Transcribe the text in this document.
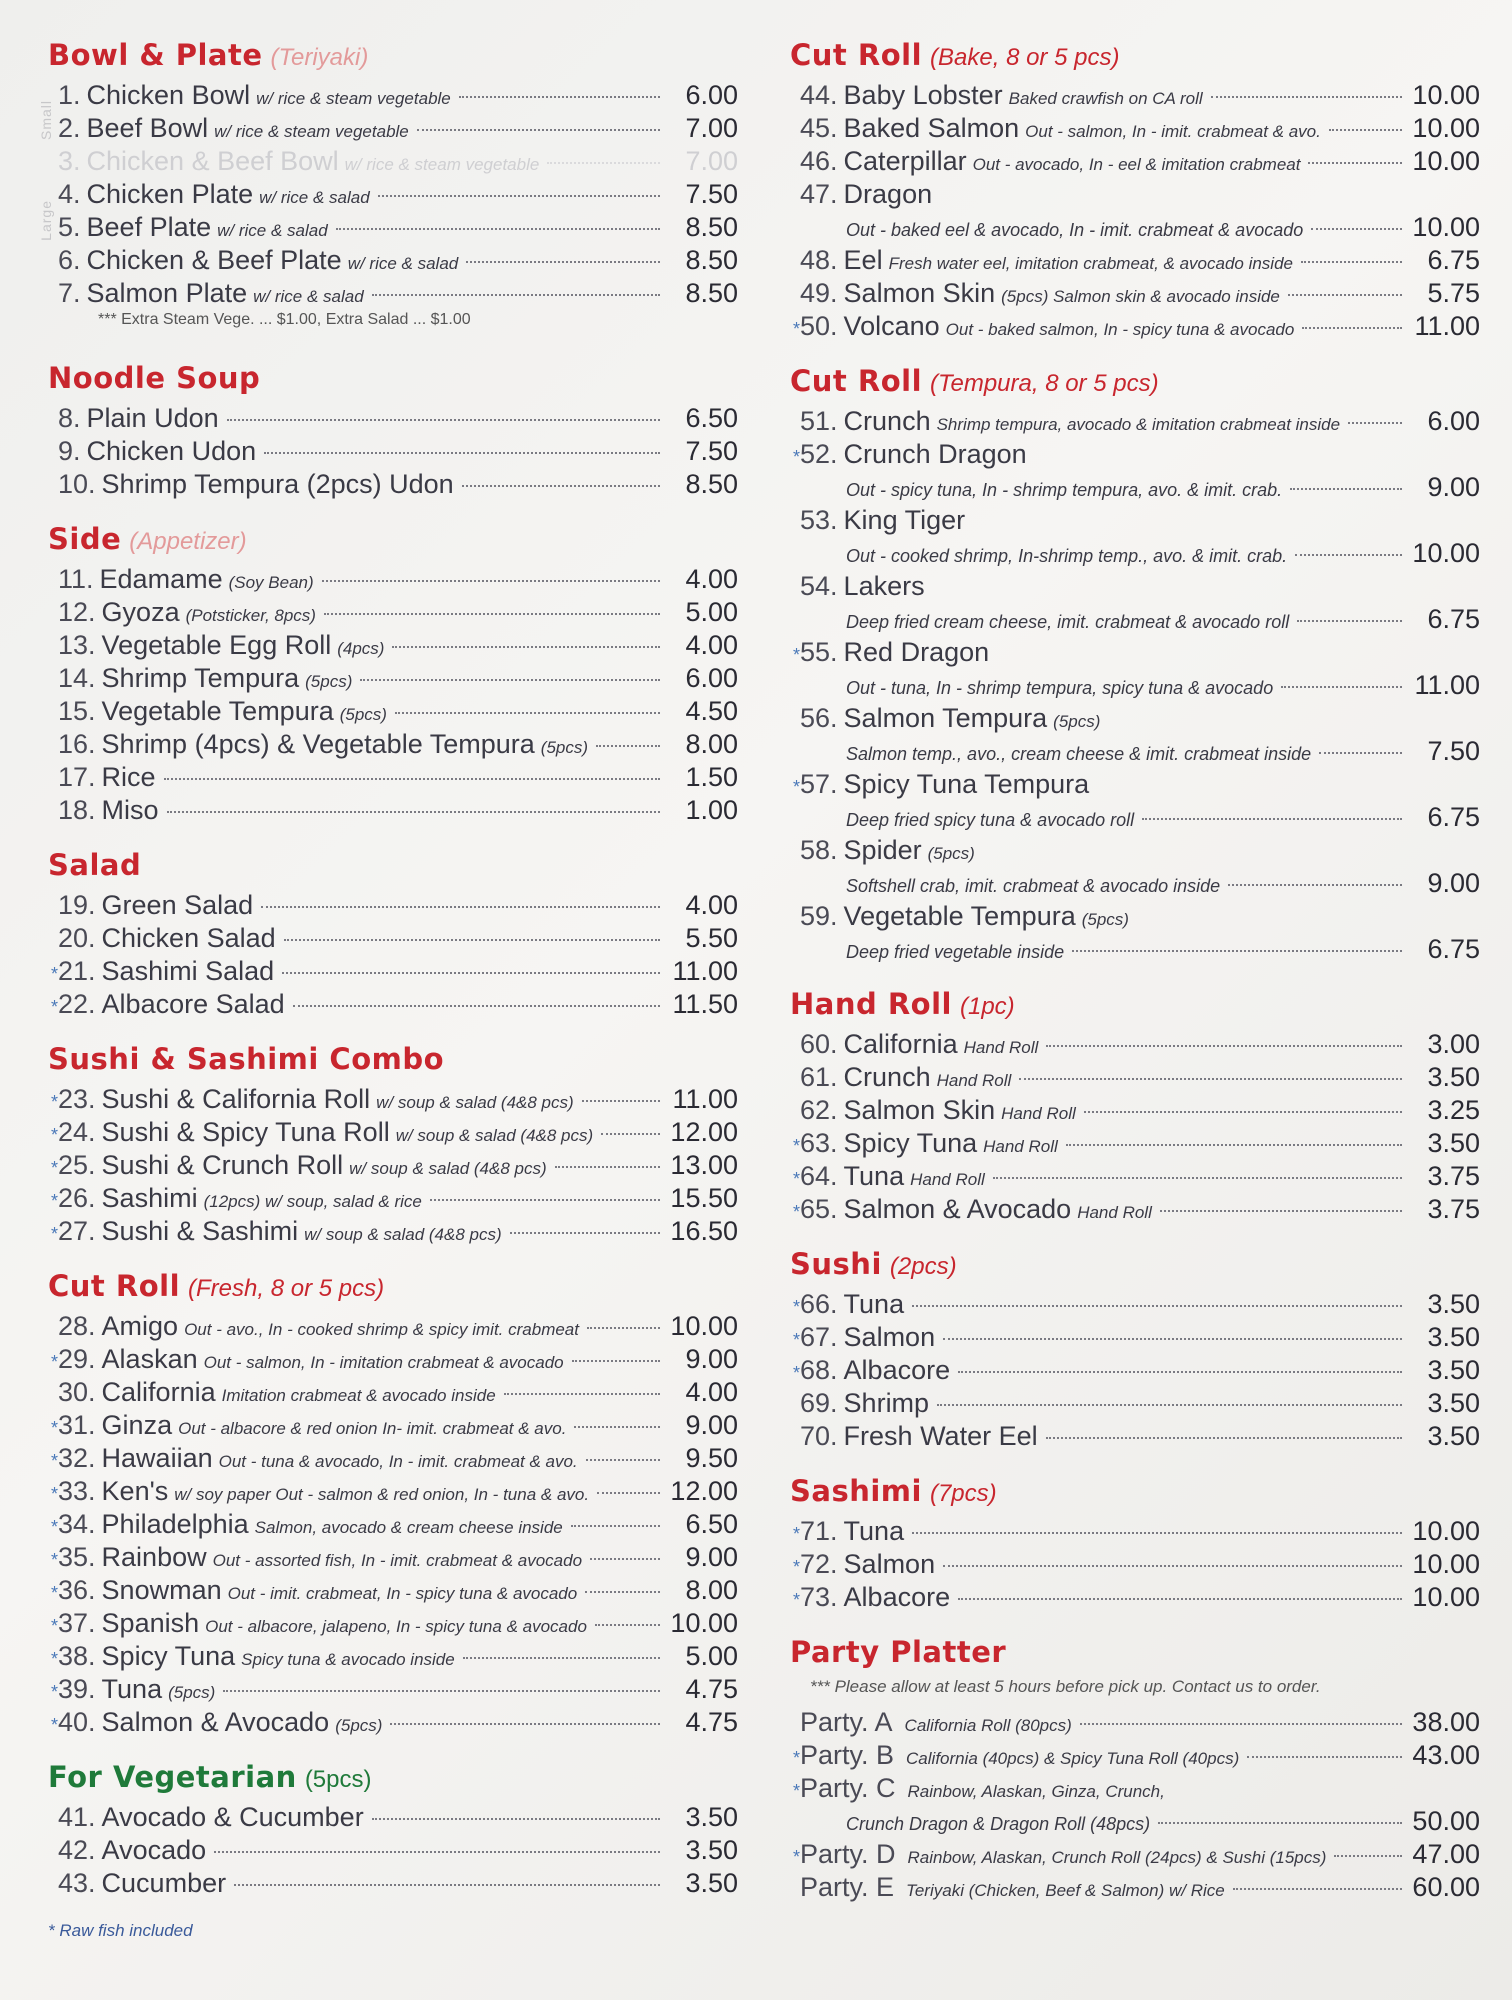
Bowl & Plate (Teriyaki)
1. Chicken Bowl w/ rice & steam vegetable	6.00
2. Beef Bowl w/ rice & steam vegetable	7.00
3. Chicken & Beef Bowl w/ rice & steam vegetable	7.00
4. Chicken Plate w/ rice & salad	7.50
5. Beef Plate w/ rice & salad	8.50
6. Chicken & Beef Plate w/ rice & salad	8.50
7. Salmon Plate w/ rice & salad	8.50
*** Extra Steam Vege. ... $1.00, Extra Salad ... $1.00
Noodle Soup
8. Plain Udon	6.50
9. Chicken Udon	7.50
10. Shrimp Tempura (2pcs) Udon	8.50
Side (Appetizer)
11. Edamame (Soy Bean)	4.00
12. Gyoza (Potsticker, 8pcs)	5.00
13. Vegetable Egg Roll (4pcs)	4.00
14. Shrimp Tempura (5pcs)	6.00
15. Vegetable Tempura (5pcs)	4.50
16. Shrimp (4pcs) & Vegetable Tempura (5pcs)	8.00
17. Rice	1.50
18. Miso	1.00
Salad
19. Green Salad	4.00
20. Chicken Salad	5.50
* 21. Sashimi Salad	11.00
* 22. Albacore Salad	11.50
Sushi & Sashimi Combo
* 23. Sushi & California Roll w/ soup & salad (4&8 pcs)	11.00
* 24. Sushi & Spicy Tuna Roll w/ soup & salad (4&8 pcs)	12.00
* 25. Sushi & Crunch Roll w/ soup & salad (4&8 pcs)	13.00
* 26. Sashimi (12pcs) w/ soup, salad & rice	15.50
* 27. Sushi & Sashimi w/ soup & salad (4&8 pcs)	16.50
Cut Roll (Fresh, 8 or 5 pcs)
28. Amigo Out - avo., In - cooked shrimp & spicy imit. crabmeat	10.00
* 29. Alaskan Out - salmon, In - imitation crabmeat & avocado	9.00
30. California Imitation crabmeat & avocado inside	4.00
* 31. Ginza Out - albacore & red onion In- imit. crabmeat & avo.	9.00
* 32. Hawaiian Out - tuna & avocado, In - imit. crabmeat & avo.	9.50
* 33. Ken's w/ soy paper Out - salmon & red onion, In - tuna & avo.	12.00
* 34. Philadelphia Salmon, avocado & cream cheese inside	6.50
* 35. Rainbow Out - assorted fish, In - imit. crabmeat & avocado	9.00
* 36. Snowman Out - imit. crabmeat, In - spicy tuna & avocado	8.00
* 37. Spanish Out - albacore, jalapeno, In - spicy tuna & avocado	10.00
* 38. Spicy Tuna Spicy tuna & avocado inside	5.00
* 39. Tuna (5pcs)	4.75
* 40. Salmon & Avocado (5pcs)	4.75
For Vegetarian (5pcs)
41. Avocado & Cucumber	3.50
42. Avocado	3.50
43. Cucumber	3.50
* Raw fish included
Cut Roll (Bake, 8 or 5 pcs)
44. Baby Lobster Baked crawfish on CA roll	10.00
45. Baked Salmon Out - salmon, In - imit. crabmeat & avo.	10.00
46. Caterpillar Out - avocado, In - eel & imitation crabmeat	10.00
47. Dragon
Out - baked eel & avocado, In - imit. crabmeat & avocado	10.00
48. Eel Fresh water eel, imitation crabmeat, & avocado inside	6.75
49. Salmon Skin (5pcs) Salmon skin & avocado inside	5.75
* 50. Volcano Out - baked salmon, In - spicy tuna & avocado	11.00
Cut Roll (Tempura, 8 or 5 pcs)
51. Crunch Shrimp tempura, avocado & imitation crabmeat inside	6.00
* 52. Crunch Dragon
Out - spicy tuna, In - shrimp tempura, avo. & imit. crab.	9.00
53. King Tiger
Out - cooked shrimp, In-shrimp temp., avo. & imit. crab.	10.00
54. Lakers
Deep fried cream cheese, imit. crabmeat & avocado roll	6.75
* 55. Red Dragon
Out - tuna, In - shrimp tempura, spicy tuna & avocado	11.00
56. Salmon Tempura (5pcs)
Salmon temp., avo., cream cheese & imit. crabmeat inside	7.50
* 57. Spicy Tuna Tempura
Deep fried spicy tuna & avocado roll	6.75
58. Spider (5pcs)
Softshell crab, imit. crabmeat & avocado inside	9.00
59. Vegetable Tempura (5pcs)
Deep fried vegetable inside	6.75
Hand Roll (1pc)
60. California Hand Roll	3.00
61. Crunch Hand Roll	3.50
62. Salmon Skin Hand Roll	3.25
* 63. Spicy Tuna Hand Roll	3.50
* 64. Tuna Hand Roll	3.75
* 65. Salmon & Avocado Hand Roll	3.75
Sushi (2pcs)
* 66. Tuna	3.50
* 67. Salmon	3.50
* 68. Albacore	3.50
69. Shrimp	3.50
70. Fresh Water Eel	3.50
Sashimi (7pcs)
* 71. Tuna	10.00
* 72. Salmon	10.00
* 73. Albacore	10.00
Party Platter
*** Please allow at least 5 hours before pick up. Contact us to order.
Party. A California Roll (80pcs)	38.00
* Party. B California (40pcs) & Spicy Tuna Roll (40pcs)	43.00
* Party. C Rainbow, Alaskan, Ginza, Crunch,
Crunch Dragon & Dragon Roll (48pcs)	50.00
* Party. D Rainbow, Alaskan, Crunch Roll (24pcs) & Sushi (15pcs)	47.00
Party. E Teriyaki (Chicken, Beef & Salmon) w/ Rice	60.00
Small
Large
